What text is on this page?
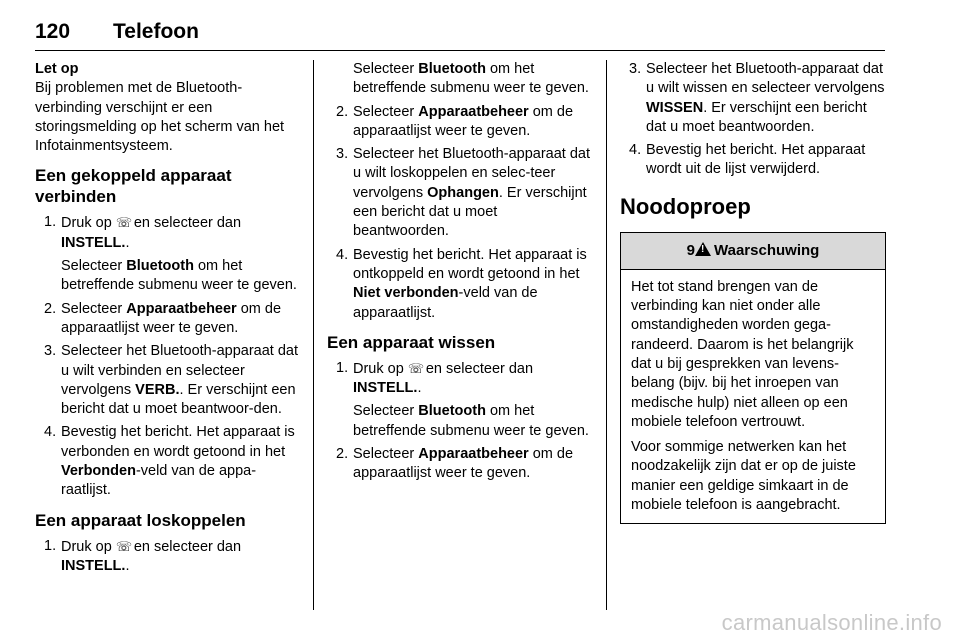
120 Telefoon

Let op

Bij problemen met de Bluetooth-verbinding verschijnt er een storingsmelding op het scherm van het Infotainmentsysteem.

Een gekoppeld apparaat verbinden
1. Druk op ☏ en selecteer dan INSTELL..

Selecteer Bluetooth om het betreffende submenu weer te geven.

2. Selecteer Apparaatbeheer om de apparaatlijst weer te geven.
3. Selecteer het Bluetooth-apparaat dat u wilt verbinden en selecteer vervolgens VERB.. Er verschijnt een bericht dat u moet beantwoor-den.
4. Bevestig het bericht. Het apparaat is verbonden en wordt getoond in het Verbonden-veld van de appa-raatlijst.
Een apparaat loskoppelen
1. Druk op ☏ en selecteer dan INSTELL..

Selecteer Bluetooth om het betreffende submenu weer te geven.

2. Selecteer Apparaatbeheer om de apparaatlijst weer te geven.
3. Selecteer het Bluetooth-apparaat dat u wilt loskoppelen en selec-teer vervolgens Ophangen. Er verschijnt een bericht dat u moet beantwoorden.
4. Bevestig het bericht. Het apparaat is ontkoppeld en wordt getoond in het Niet verbonden-veld van de apparaatlijst.
Een apparaat wissen
1. Druk op ☏ en selecteer dan INSTELL..

Selecteer Bluetooth om het betreffende submenu weer te geven.

2. Selecteer Apparaatbeheer om de apparaatlijst weer te geven.
3. Selecteer het Bluetooth-apparaat dat u wilt wissen en selecteer vervolgens WISSEN. Er verschijnt een bericht dat u moet beantwoorden.
4. Bevestig het bericht. Het apparaat wordt uit de lijst verwijderd.
Noodoproep
9! Waarschuwing

Het tot stand brengen van de verbinding kan niet onder alle omstandigheden worden gega-randeerd. Daarom is het belangrijk dat u bij gesprekken van levens-belang (bijv. bij het inroepen van medische hulp) niet alleen op een mobiele telefoon vertrouwt.

Voor sommige netwerken kan het noodzakelijk zijn dat er op de juiste manier een geldige simkaart in de mobiele telefoon is aangebracht.

carmanualsonline.info
